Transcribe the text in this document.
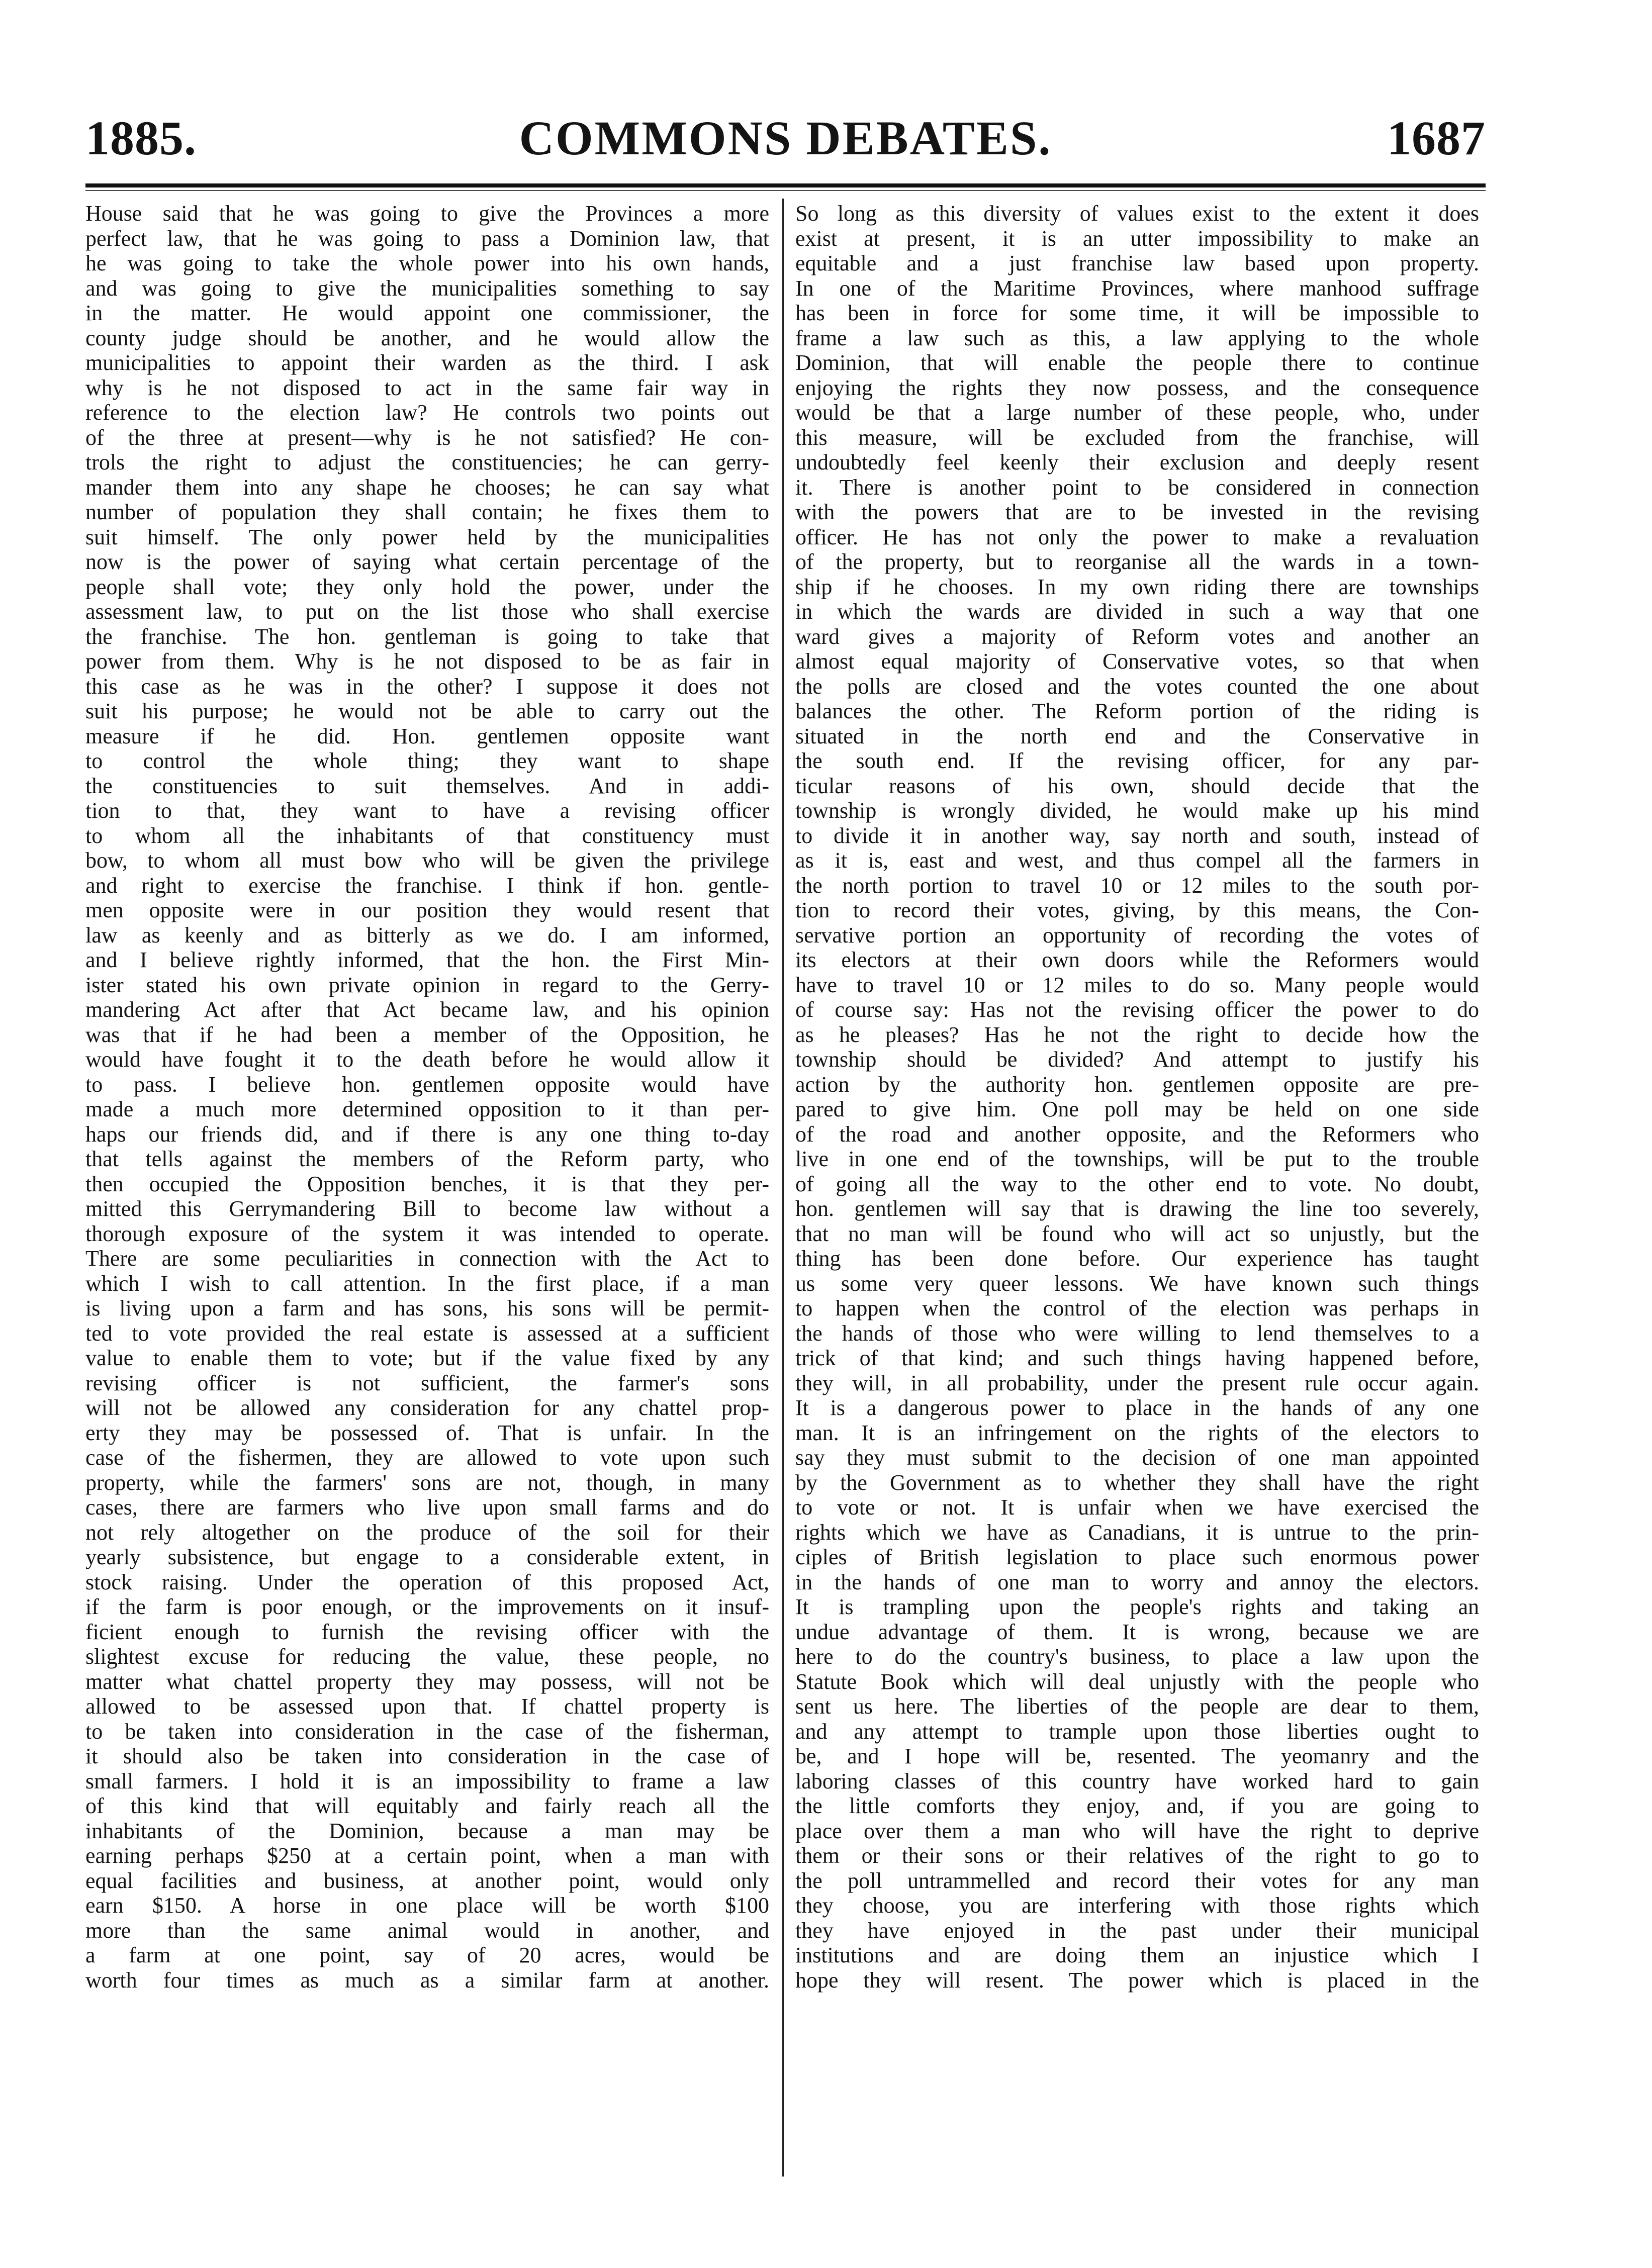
COMMONS DEBATES.
1885.	1687
House said that he was going to give the Provinces a more
perfect law, that he was going to pass a Dominion law, that
he was going to take the whole power into his own hands,
and was going to give the municipalities something to say
in the matter. He would appoint one commissioner, the
county judge should be another, and he would allow the
municipalities to appoint their warden as the third. I ask
why is he not disposed to act in the same fair way in
reference to the election law? He controls two points out
of the three at present—why is he not satisfied? He con-
trols the right to adjust the constituencies; he can gerry-
mander them into any shape he chooses; he can say what
number of population they shall contain; he fixes them to
suit himself. The only power held by the municipalities
now is the power of saying what certain percentage of the
people shall vote; they only hold the power, under the
assessment law, to put on the list those who shall exercise
the franchise. The hon. gentleman is going to take that
power from them. Why is he not disposed to be as fair in
this case as he was in the other? I suppose it does not
suit his purpose; he would not be able to carry out the
measure if he did. Hon. gentlemen opposite want
to control the whole thing; they want to shape
the constituencies to suit themselves. And in addi-
tion to that, they want to have a revising officer
to whom all the inhabitants of that constituency must
bow, to whom all must bow who will be given the privilege
and right to exercise the franchise. I think if hon. gentle-
men opposite were in our position they would resent that
law as keenly and as bitterly as we do. I am informed,
and I believe rightly informed, that the hon. the First Min-
ister stated his own private opinion in regard to the Gerry-
mandering Act after that Act became law, and his opinion
was that if he had been a member of the Opposition, he
would have fought it to the death before he would allow it
to pass. I believe hon. gentlemen opposite would have
made a much more determined opposition to it than per-
haps our friends did, and if there is any one thing to-day
that tells against the members of the Reform party, who
then occupied the Opposition benches, it is that they per-
mitted this Gerrymandering Bill to become law without a
thorough exposure of the system it was intended to operate.
There are some peculiarities in connection with the Act to
which I wish to call attention. In the first place, if a man
is living upon a farm and has sons, his sons will be permit-
ted to vote provided the real estate is assessed at a sufficient
value to enable them to vote; but if the value fixed by any
revising officer is not sufficient, the farmer's sons
will not be allowed any consideration for any chattel prop-
erty they may be possessed of. That is unfair. In the
case of the fishermen, they are allowed to vote upon such
property, while the farmers' sons are not, though, in many
cases, there are farmers who live upon small farms and do
not rely altogether on the produce of the soil for their
yearly subsistence, but engage to a considerable extent, in
stock raising. Under the operation of this proposed Act,
if the farm is poor enough, or the improvements on it insuf-
ficient enough to furnish the revising officer with the
slightest excuse for reducing the value, these people, no
matter what chattel property they may possess, will not be
allowed to be assessed upon that. If chattel property is
to be taken into consideration in the case of the fisherman,
it should also be taken into consideration in the case of
small farmers. I hold it is an impossibility to frame a law
of this kind that will equitably and fairly reach all the
inhabitants of the Dominion, because a man may be
earning perhaps $250 at a certain point, when a man with
equal facilities and business, at another point, would only
earn $150. A horse in one place will be worth $100
more than the same animal would in another, and
a farm at one point, say of 20 acres, would be
worth four times as much as a similar farm at another.
So long as this diversity of values exist to the extent it does
exist at present, it is an utter impossibility to make an
equitable and a just franchise law based upon property.
In one of the Maritime Provinces, where manhood suffrage
has been in force for some time, it will be impossible to
frame a law such as this, a law applying to the whole
Dominion, that will enable the people there to continue
enjoying the rights they now possess, and the consequence
would be that a large number of these people, who, under
this measure, will be excluded from the franchise, will
undoubtedly feel keenly their exclusion and deeply resent
it. There is another point to be considered in connection
with the powers that are to be invested in the revising
officer. He has not only the power to make a revaluation
of the property, but to reorganise all the wards in a town-
ship if he chooses. In my own riding there are townships
in which the wards are divided in such a way that one
ward gives a majority of Reform votes and another an
almost equal majority of Conservative votes, so that when
the polls are closed and the votes counted the one about
balances the other. The Reform portion of the riding is
situated in the north end and the Conservative in
the south end. If the revising officer, for any par-
ticular reasons of his own, should decide that the
township is wrongly divided, he would make up his mind
to divide it in another way, say north and south, instead of
as it is, east and west, and thus compel all the farmers in
the north portion to travel 10 or 12 miles to the south por-
tion to record their votes, giving, by this means, the Con-
servative portion an opportunity of recording the votes of
its electors at their own doors while the Reformers would
have to travel 10 or 12 miles to do so. Many people would
of course say: Has not the revising officer the power to do
as he pleases? Has he not the right to decide how the
township should be divided? And attempt to justify his
action by the authority hon. gentlemen opposite are pre-
pared to give him. One poll may be held on one side
of the road and another opposite, and the Reformers who
live in one end of the townships, will be put to the trouble
of going all the way to the other end to vote. No doubt,
hon. gentlemen will say that is drawing the line too severely,
that no man will be found who will act so unjustly, but the
thing has been done before. Our experience has taught
us some very queer lessons. We have known such things
to happen when the control of the election was perhaps in
the hands of those who were willing to lend themselves to a
trick of that kind; and such things having happened before,
they will, in all probability, under the present rule occur again.
It is a dangerous power to place in the hands of any one
man. It is an infringement on the rights of the electors to
say they must submit to the decision of one man appointed
by the Government as to whether they shall have the right
to vote or not. It is unfair when we have exercised the
rights which we have as Canadians, it is untrue to the prin-
ciples of British legislation to place such enormous power
in the hands of one man to worry and annoy the electors.
It is trampling upon the people's rights and taking an
undue advantage of them. It is wrong, because we are
here to do the country's business, to place a law upon the
Statute Book which will deal unjustly with the people who
sent us here. The liberties of the people are dear to them,
and any attempt to trample upon those liberties ought to
be, and I hope will be, resented. The yeomanry and the
laboring classes of this country have worked hard to gain
the little comforts they enjoy, and, if you are going to
place over them a man who will have the right to deprive
them or their sons or their relatives of the right to go to
the poll untrammelled and record their votes for any man
they choose, you are interfering with those rights which
they have enjoyed in the past under their municipal
institutions and are doing them an injustice which I
hope they will resent. The power which is placed in the
